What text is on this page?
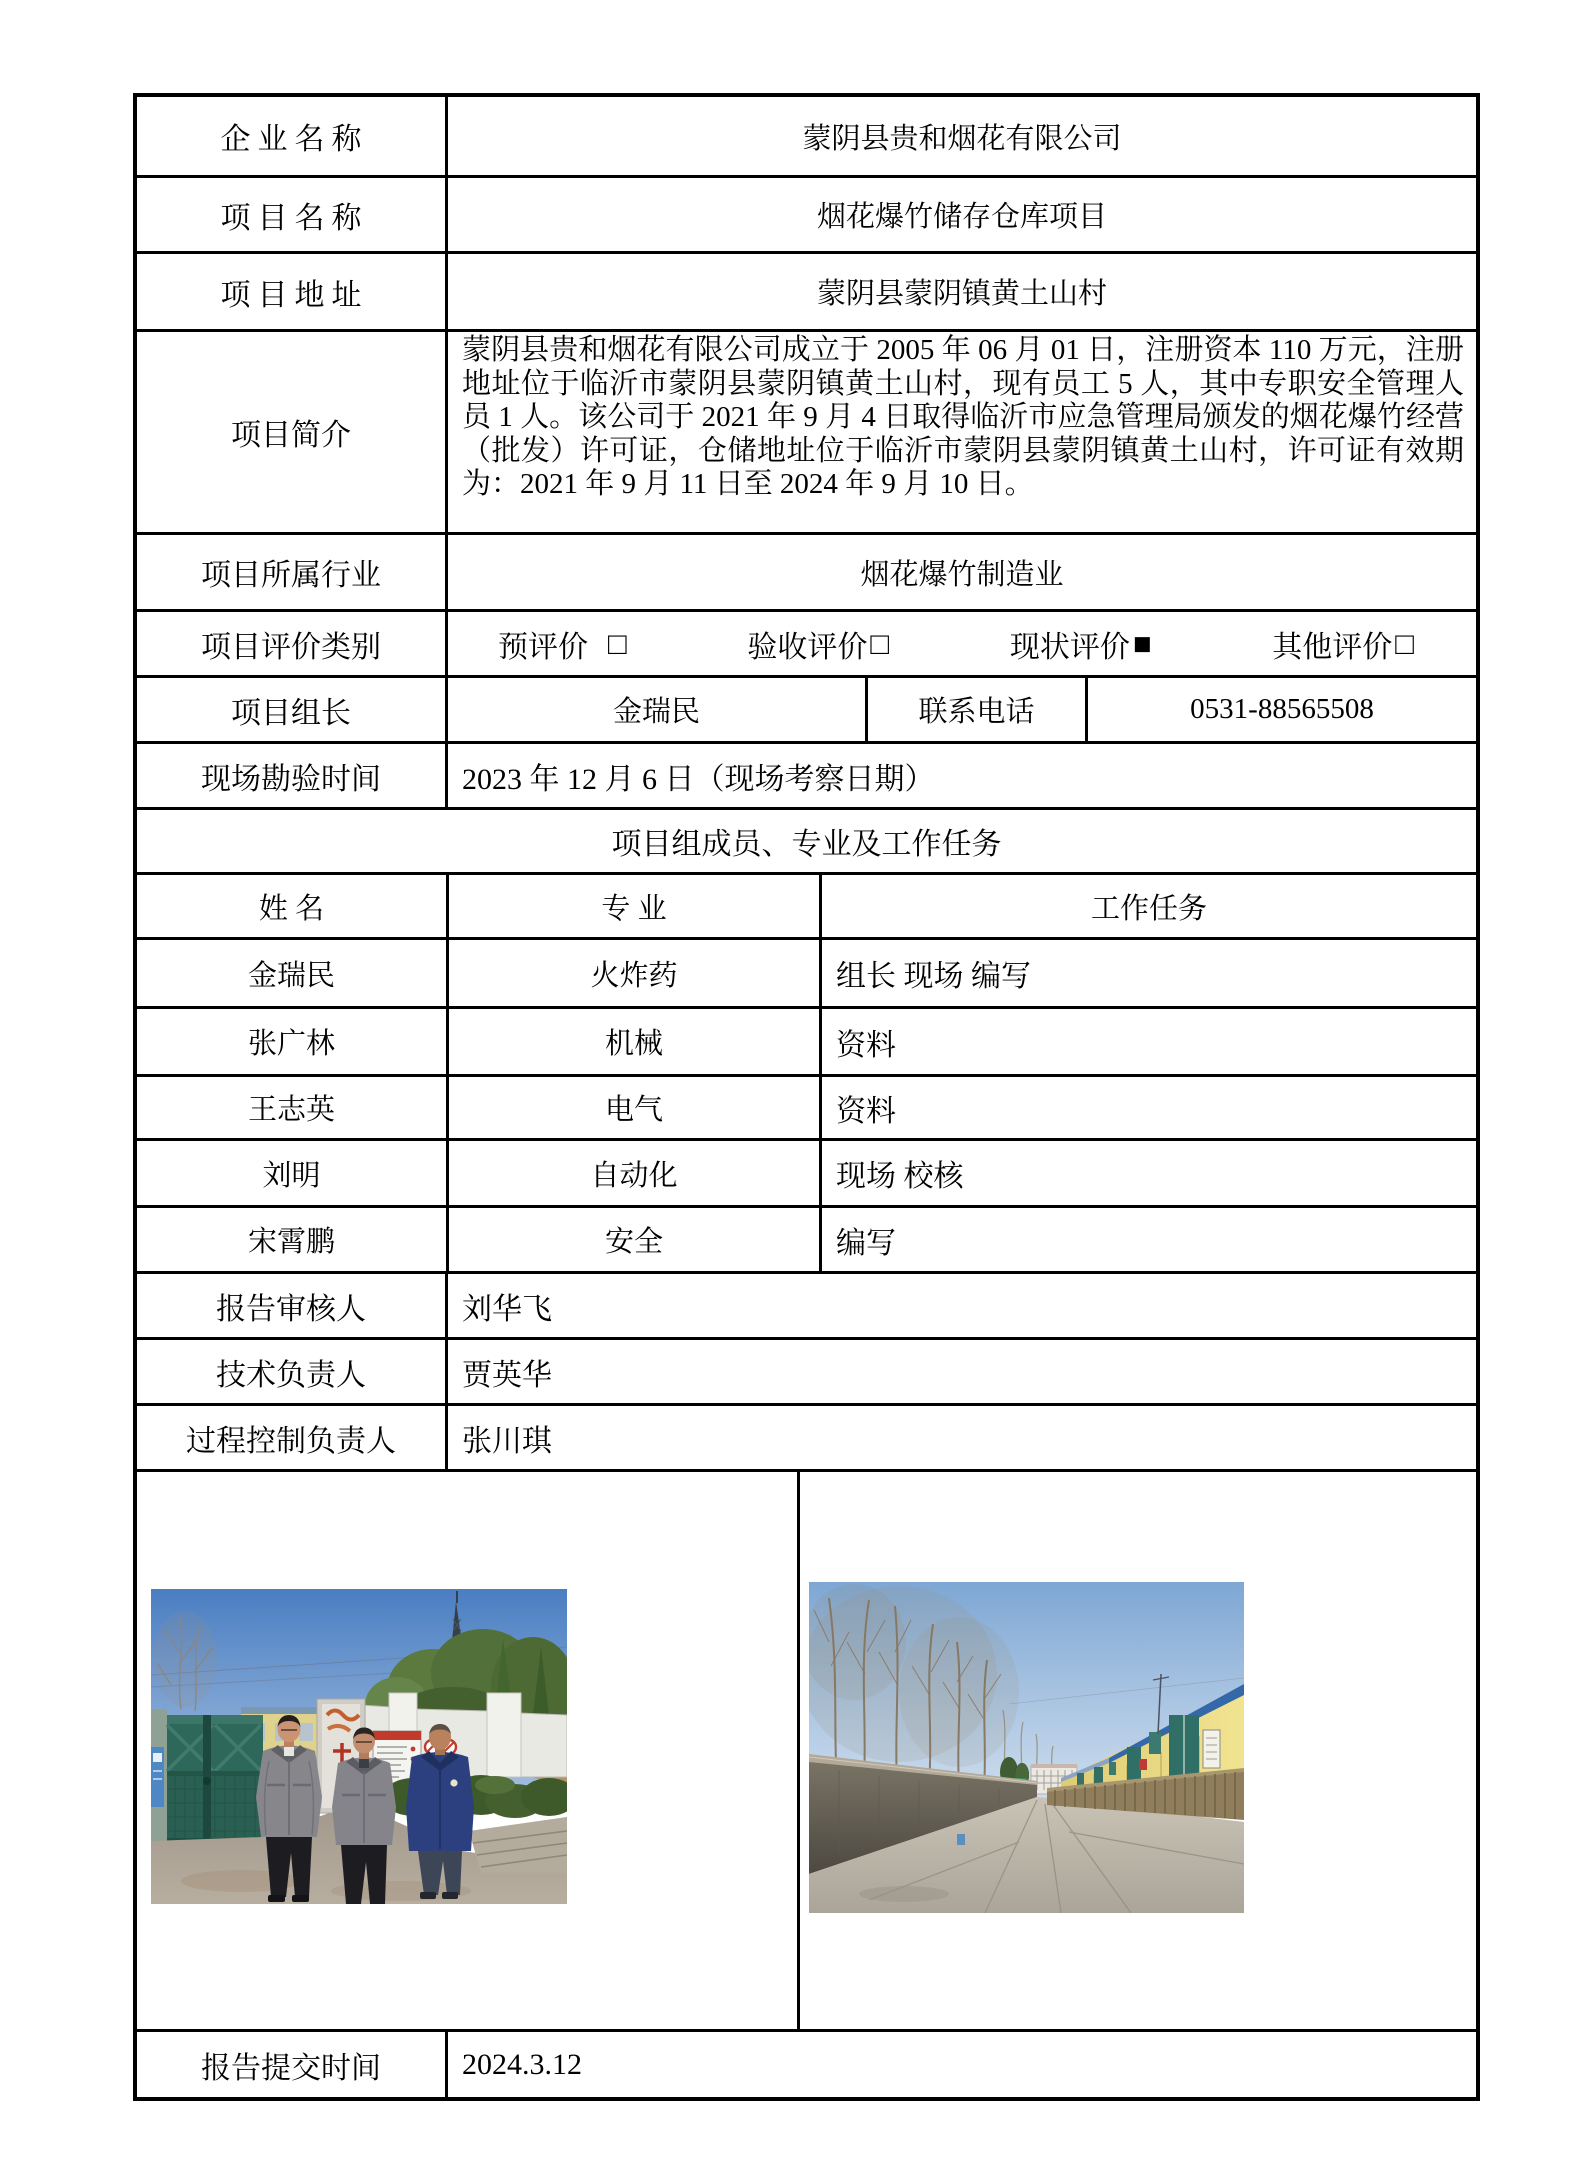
企业名称	蒙阴县贵和烟花有限公司
项目名称	烟花爆竹储存仓库项目
项目地址	蒙阴县蒙阴镇黄土山村
项目简介
蒙阴县贵和烟花有限公司成立于 2005 年 06 月 01 日，注册资本 110 万元，注册地址位于临沂市蒙阴县蒙阴镇黄土山村，现有员工 5 人，其中专职安全管理人员 1 人。该公司于 2021 年 9 月 4 日取得临沂市应急管理局颁发的烟花爆竹经营（批发）许可证，仓储地址位于临沂市蒙阴县蒙阴镇黄土山村，许可证有效期为：2021 年 9 月 11 日至 2024 年 9 月 10 日。
项目所属行业	烟花爆竹制造业
项目评价类别	预评价 □	验收评价 □	现状评价 ■	其他评价 □
项目组长	金瑞民	联系电话	0531-88565508
现场勘验时间	2023 年 12 月 6 日（现场考察日期）
项目组成员、专业及工作任务
姓 名	专 业	工作任务
金瑞民	火炸药	组长 现场 编写
张广林	机械	资料
王志英	电气	资料
刘明	自动化	现场 校核
宋霄鹏	安全	编写
报告审核人	刘华飞
技术负责人	贾英华
过程控制负责人	张川琪
报告提交时间	2024.3.12
